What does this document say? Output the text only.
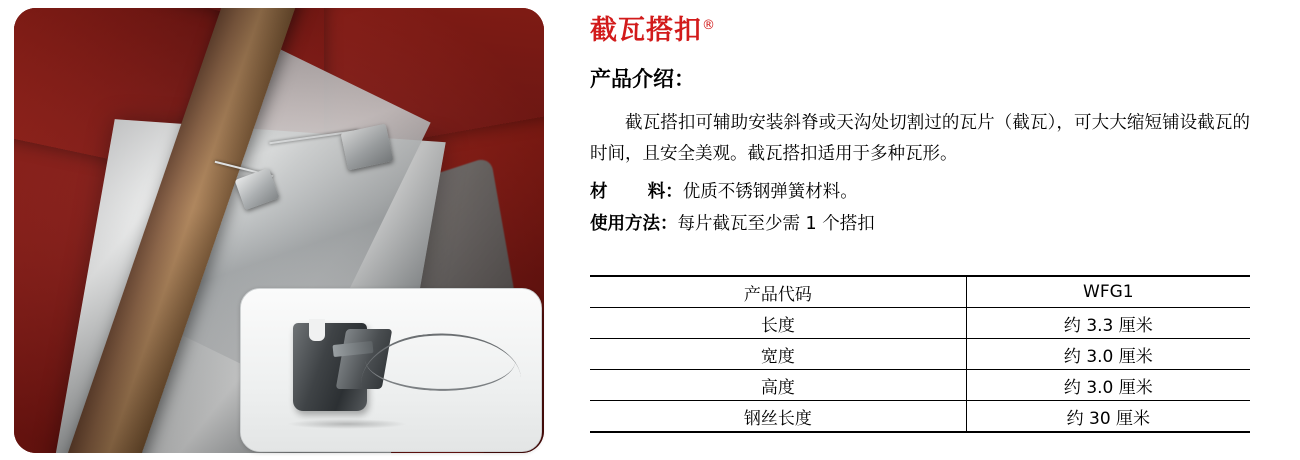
截瓦搭扣®
产品介绍：
截瓦搭扣可辅助安装斜脊或天沟处切割过的瓦片（截瓦），可大大缩短铺设截瓦的时间，且安全美观。截瓦搭扣适用于多种瓦形。
材 料：优质不锈钢弹簧材料。
使用方法：每片截瓦至少需 1 个搭扣
产品代码	WFG1
长度	约 3.3 厘米
宽度	约 3.0 厘米
高度	约 3.0 厘米
钢丝长度	约 30 厘米
